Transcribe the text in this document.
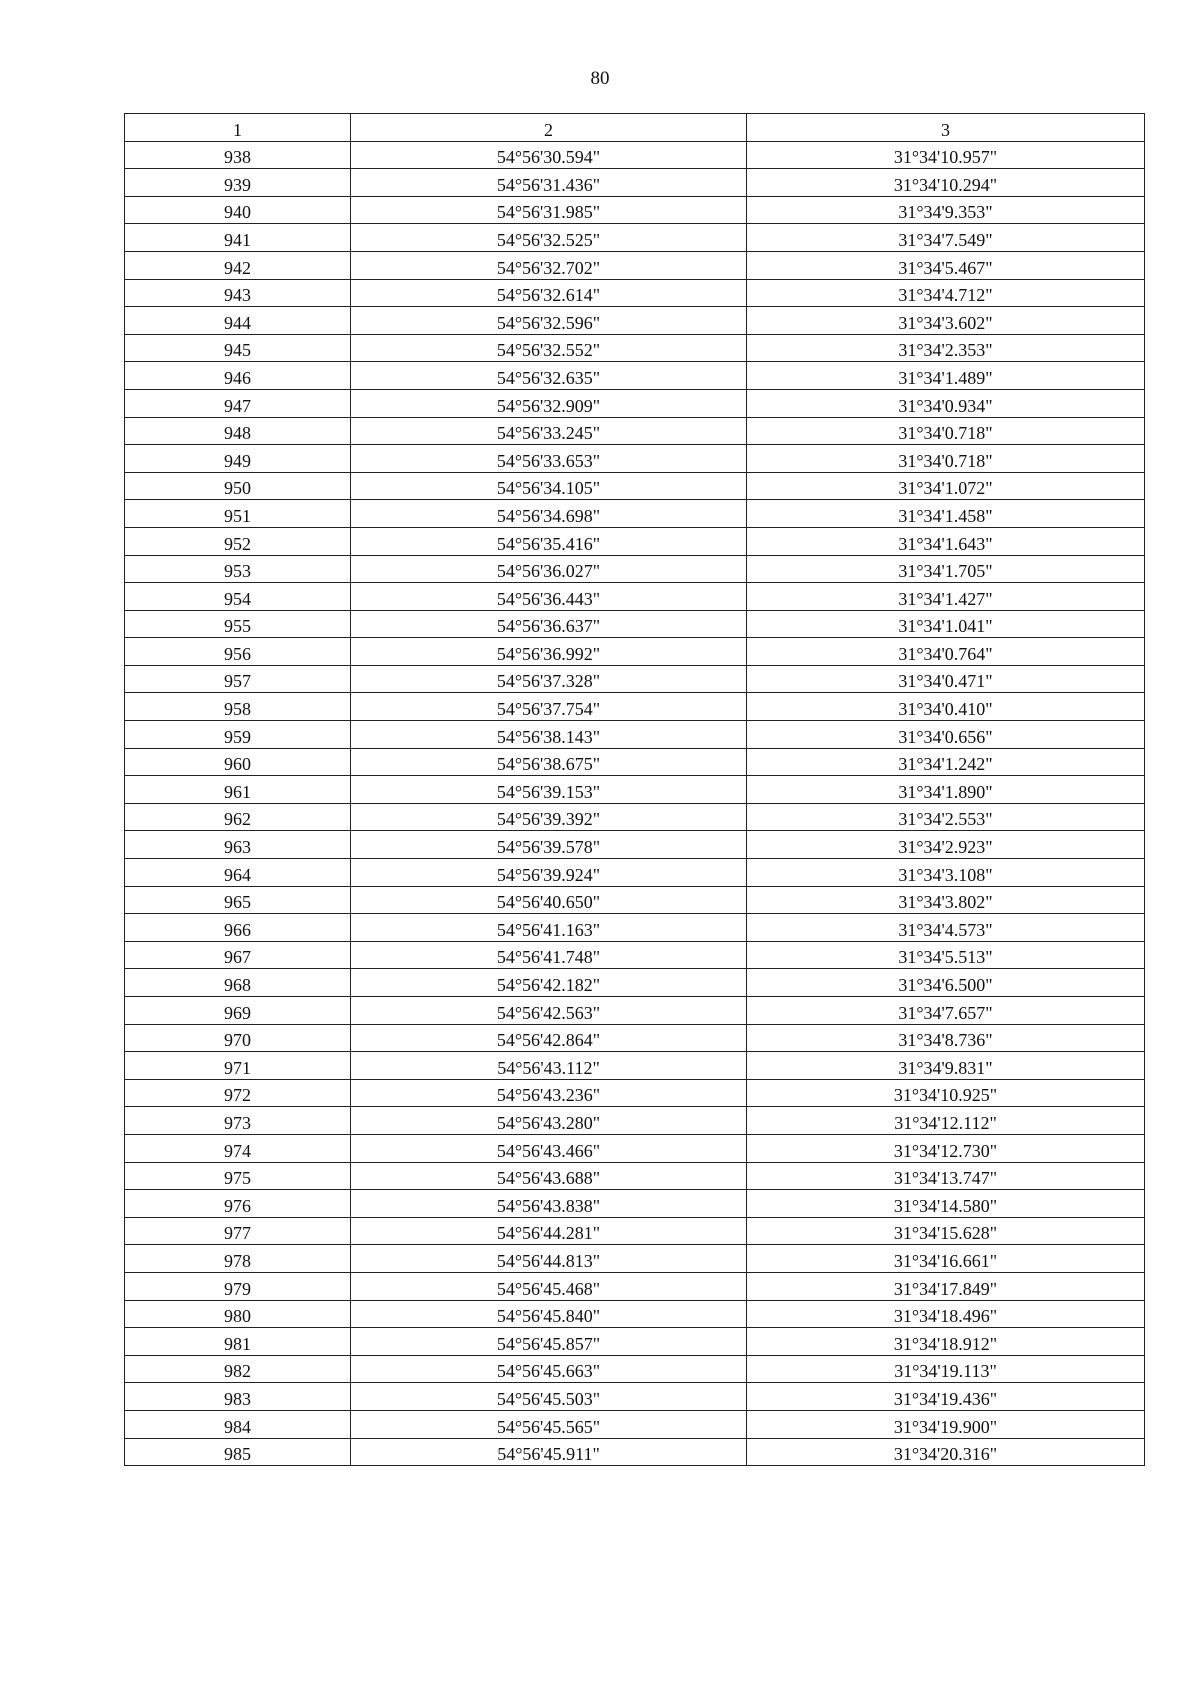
80
1	2	3
938	54°56'30.594"	31°34'10.957"
939	54°56'31.436"	31°34'10.294"
940	54°56'31.985"	31°34'9.353"
941	54°56'32.525"	31°34'7.549"
942	54°56'32.702"	31°34'5.467"
943	54°56'32.614"	31°34'4.712"
944	54°56'32.596"	31°34'3.602"
945	54°56'32.552"	31°34'2.353"
946	54°56'32.635"	31°34'1.489"
947	54°56'32.909"	31°34'0.934"
948	54°56'33.245"	31°34'0.718"
949	54°56'33.653"	31°34'0.718"
950	54°56'34.105"	31°34'1.072"
951	54°56'34.698"	31°34'1.458"
952	54°56'35.416"	31°34'1.643"
953	54°56'36.027"	31°34'1.705"
954	54°56'36.443"	31°34'1.427"
955	54°56'36.637"	31°34'1.041"
956	54°56'36.992"	31°34'0.764"
957	54°56'37.328"	31°34'0.471"
958	54°56'37.754"	31°34'0.410"
959	54°56'38.143"	31°34'0.656"
960	54°56'38.675"	31°34'1.242"
961	54°56'39.153"	31°34'1.890"
962	54°56'39.392"	31°34'2.553"
963	54°56'39.578"	31°34'2.923"
964	54°56'39.924"	31°34'3.108"
965	54°56'40.650"	31°34'3.802"
966	54°56'41.163"	31°34'4.573"
967	54°56'41.748"	31°34'5.513"
968	54°56'42.182"	31°34'6.500"
969	54°56'42.563"	31°34'7.657"
970	54°56'42.864"	31°34'8.736"
971	54°56'43.112"	31°34'9.831"
972	54°56'43.236"	31°34'10.925"
973	54°56'43.280"	31°34'12.112"
974	54°56'43.466"	31°34'12.730"
975	54°56'43.688"	31°34'13.747"
976	54°56'43.838"	31°34'14.580"
977	54°56'44.281"	31°34'15.628"
978	54°56'44.813"	31°34'16.661"
979	54°56'45.468"	31°34'17.849"
980	54°56'45.840"	31°34'18.496"
981	54°56'45.857"	31°34'18.912"
982	54°56'45.663"	31°34'19.113"
983	54°56'45.503"	31°34'19.436"
984	54°56'45.565"	31°34'19.900"
985	54°56'45.911"	31°34'20.316"
